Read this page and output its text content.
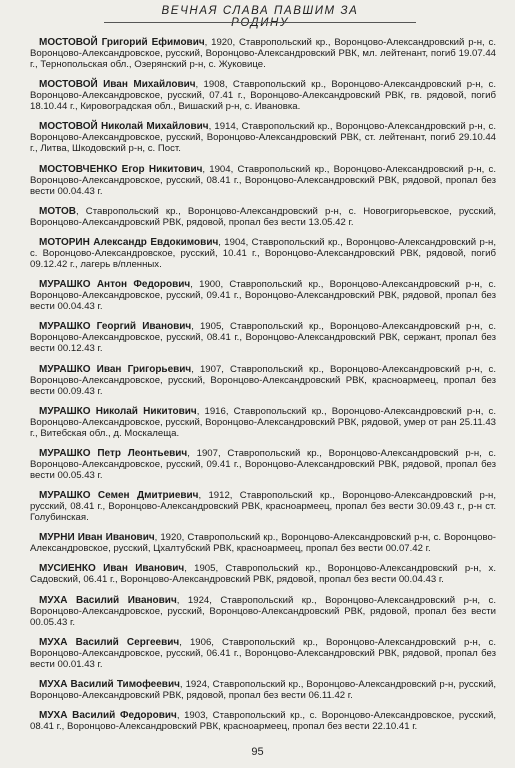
ВЕЧНАЯ СЛАВА ПАВШИМ ЗА РОДИНУ

МОСТОВОЙ Григорий Ефимович, 1920, Ставропольский кр., Воронцово-Александровский р-н, с. Воронцово-Александровское, русский, Воронцово-Александровский РВК, мл. лейтенант, погиб 19.07.44 г., Тернопольская обл., Озерянский р-н, с. Жуковице.

МОСТОВОЙ Иван Михайлович, 1908, Ставропольский кр., Воронцово-Александровский р-н, с. Воронцово-Александровское, русский, 07.41 г., Воронцово-Александровский РВК, гв. рядовой, погиб 18.10.44 г., Кировоградская обл., Вишаский р-н, с. Ивановка.

МОСТОВОЙ Николай Михайлович, 1914, Ставропольский кр., Воронцово-Александровский р-н, с. Воронцово-Александровское, русский, Воронцово-Александровский РВК, ст. лейтенант, погиб 29.10.44 г., Литва, Шкодовский р-н, с. Пост.

МОСТОВЧЕНКО Егор Никитович, 1904, Ставропольский кр., Воронцово-Александровский р-н, с. Воронцово-Александровское, русский, 08.41 г., Воронцово-Александровский РВК, рядовой, пропал без вести 00.04.43 г.

МОТОВ, Ставропольский кр., Воронцово-Александровский р-н, с. Новогригорьевское, русский, Воронцово-Александровский РВК, рядовой, пропал без вести 13.05.42 г.

МОТОРИН Александр Евдокимович, 1904, Ставропольский кр., Воронцово-Александровский р-н, с. Воронцово-Александровское, русский, 10.41 г., Воронцово-Александровский РВК, рядовой, погиб 09.12.42 г., лагерь в/пленных.

МУРАШКО Антон Федорович, 1900, Ставропольский кр., Воронцово-Александровский р-н, с. Воронцово-Александровское, русский, 09.41 г., Воронцово-Александровский РВК, рядовой, пропал без вести 00.04.43 г.

МУРАШКО Георгий Иванович, 1905, Ставропольский кр., Воронцово-Александровский р-н, с. Воронцово-Александровское, русский, 08.41 г., Воронцово-Александровский РВК, сержант, пропал без вести 00.12.43 г.

МУРАШКО Иван Григорьевич, 1907, Ставропольский кр., Воронцово-Александровский р-н, с. Воронцово-Александровское, русский, Воронцово-Александровский РВК, красноармеец, пропал без вести 00.09.43 г.

МУРАШКО Николай Никитович, 1916, Ставропольский кр., Воронцово-Александровский р-н, с. Воронцово-Александровское, русский, Воронцово-Александровский РВК, рядовой, умер от ран 25.11.43 г., Витебская обл., д. Москалеща.

МУРАШКО Петр Леонтьевич, 1907, Ставропольский кр., Воронцово-Александровский р-н, с. Воронцово-Александровское, русский, 09.41 г., Воронцово-Александровский РВК, рядовой, пропал без вести 00.05.43 г.

МУРАШКО Семен Дмитриевич, 1912, Ставропольский кр., Воронцово-Александровский р-н, русский, 08.41 г., Воронцово-Александровский РВК, красноармеец, пропал без вести 30.09.43 г., р-н ст. Голубинская.

МУРНИ Иван Иванович, 1920, Ставропольский кр., Воронцово-Александровский р-н, с. Воронцово-Александровское, русский, Цхалтубский РВК, красноармеец, пропал без вести 00.07.42 г.

МУСИЕНКО Иван Иванович, 1905, Ставропольский кр., Воронцово-Александровский р-н, х. Садовский, 06.41 г., Воронцово-Александровский РВК, рядовой, пропал без вести 00.04.43 г.

МУХА Василий Иванович, 1924, Ставропольский кр., Воронцово-Александровский р-н, с. Воронцово-Александровское, русский, Воронцово-Александровский РВК, рядовой, пропал без вести 00.05.43 г.

МУХА Василий Сергеевич, 1906, Ставропольский кр., Воронцово-Александровский р-н, с. Воронцово-Александровское, русский, 06.41 г., Воронцово-Александровский РВК, рядовой, пропал без вести 00.01.43 г.

МУХА Василий Тимофеевич, 1924, Ставропольский кр., Воронцово-Александровский р-н, русский, Воронцово-Александровский РВК, рядовой, пропал без вести 06.11.42 г.

МУХА Василий Федорович, 1903, Ставропольский кр., с. Воронцово-Александровское, русский, 08.41 г., Воронцово-Александровский РВК, красноармеец, пропал без вести 22.10.41 г.

95
